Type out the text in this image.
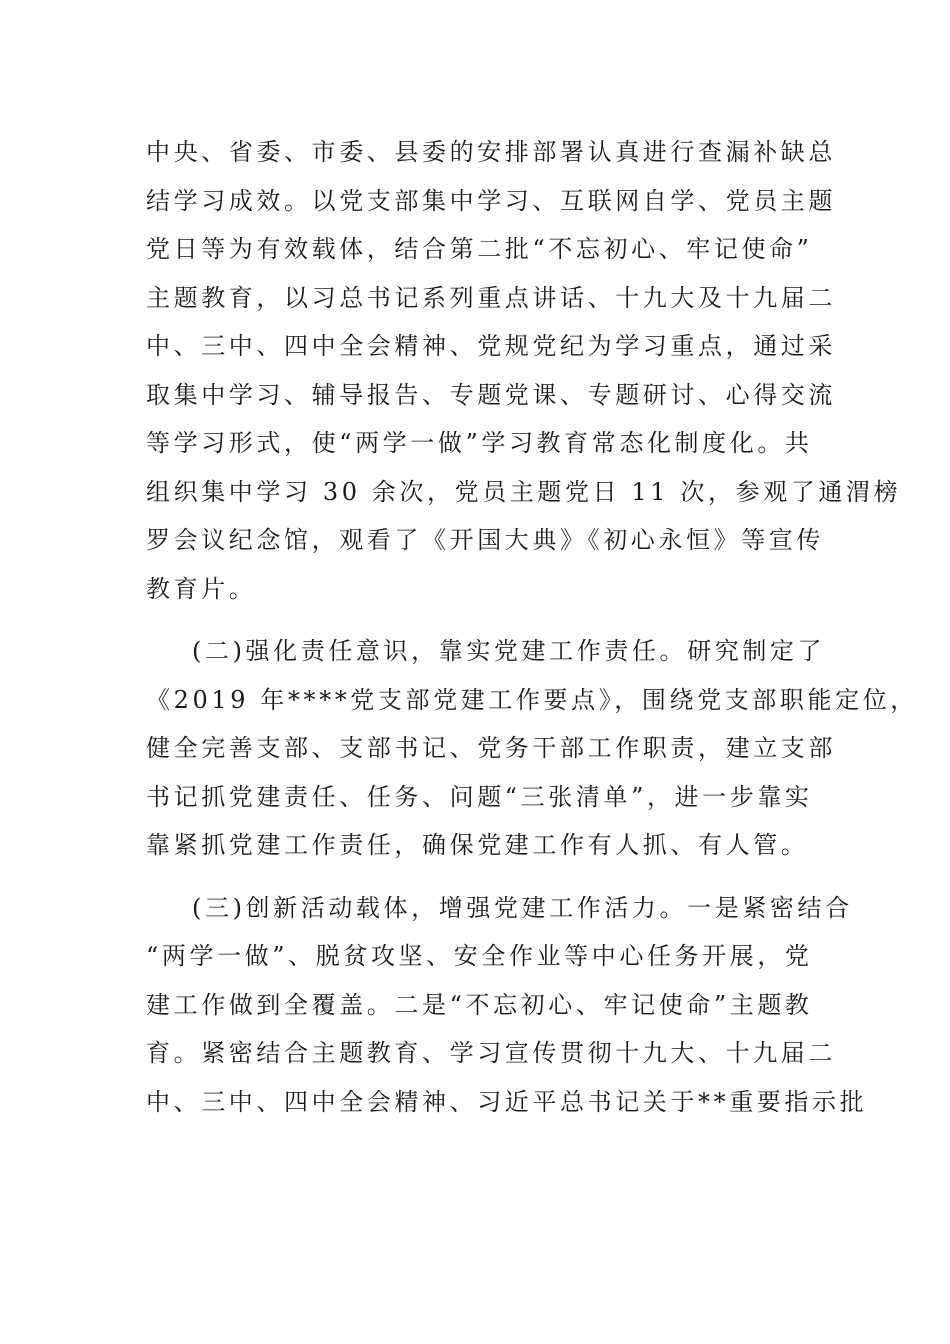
中央、省委、市委、县委的安排部署认真进行查漏补缺总
结学习成效。以党支部集中学习、互联网自学、党员主题
党日等为有效载体，结合第二批“不忘初心、牢记使命”
主题教育，以习总书记系列重点讲话、十九大及十九届二
中、三中、四中全会精神、党规党纪为学习重点，通过采
取集中学习、辅导报告、专题党课、专题研讨、心得交流
等学习形式，使“两学一做”学习教育常态化制度化。共
组织集中学习 30 余次，党员主题党日 11 次，参观了通渭榜
罗会议纪念馆，观看了《开国大典》《初心永恒》等宣传
教育片。
(二)强化责任意识，靠实党建工作责任。研究制定了
《2019 年****党支部党建工作要点》，围绕党支部职能定位，
健全完善支部、支部书记、党务干部工作职责，建立支部
书记抓党建责任、任务、问题“三张清单”，进一步靠实
靠紧抓党建工作责任，确保党建工作有人抓、有人管。
(三)创新活动载体，增强党建工作活力。一是紧密结合
“两学一做”、脱贫攻坚、安全作业等中心任务开展，党
建工作做到全覆盖。二是“不忘初心、牢记使命”主题教
育。紧密结合主题教育、学习宣传贯彻十九大、十九届二
中、三中、四中全会精神、习近平总书记关于**重要指示批
